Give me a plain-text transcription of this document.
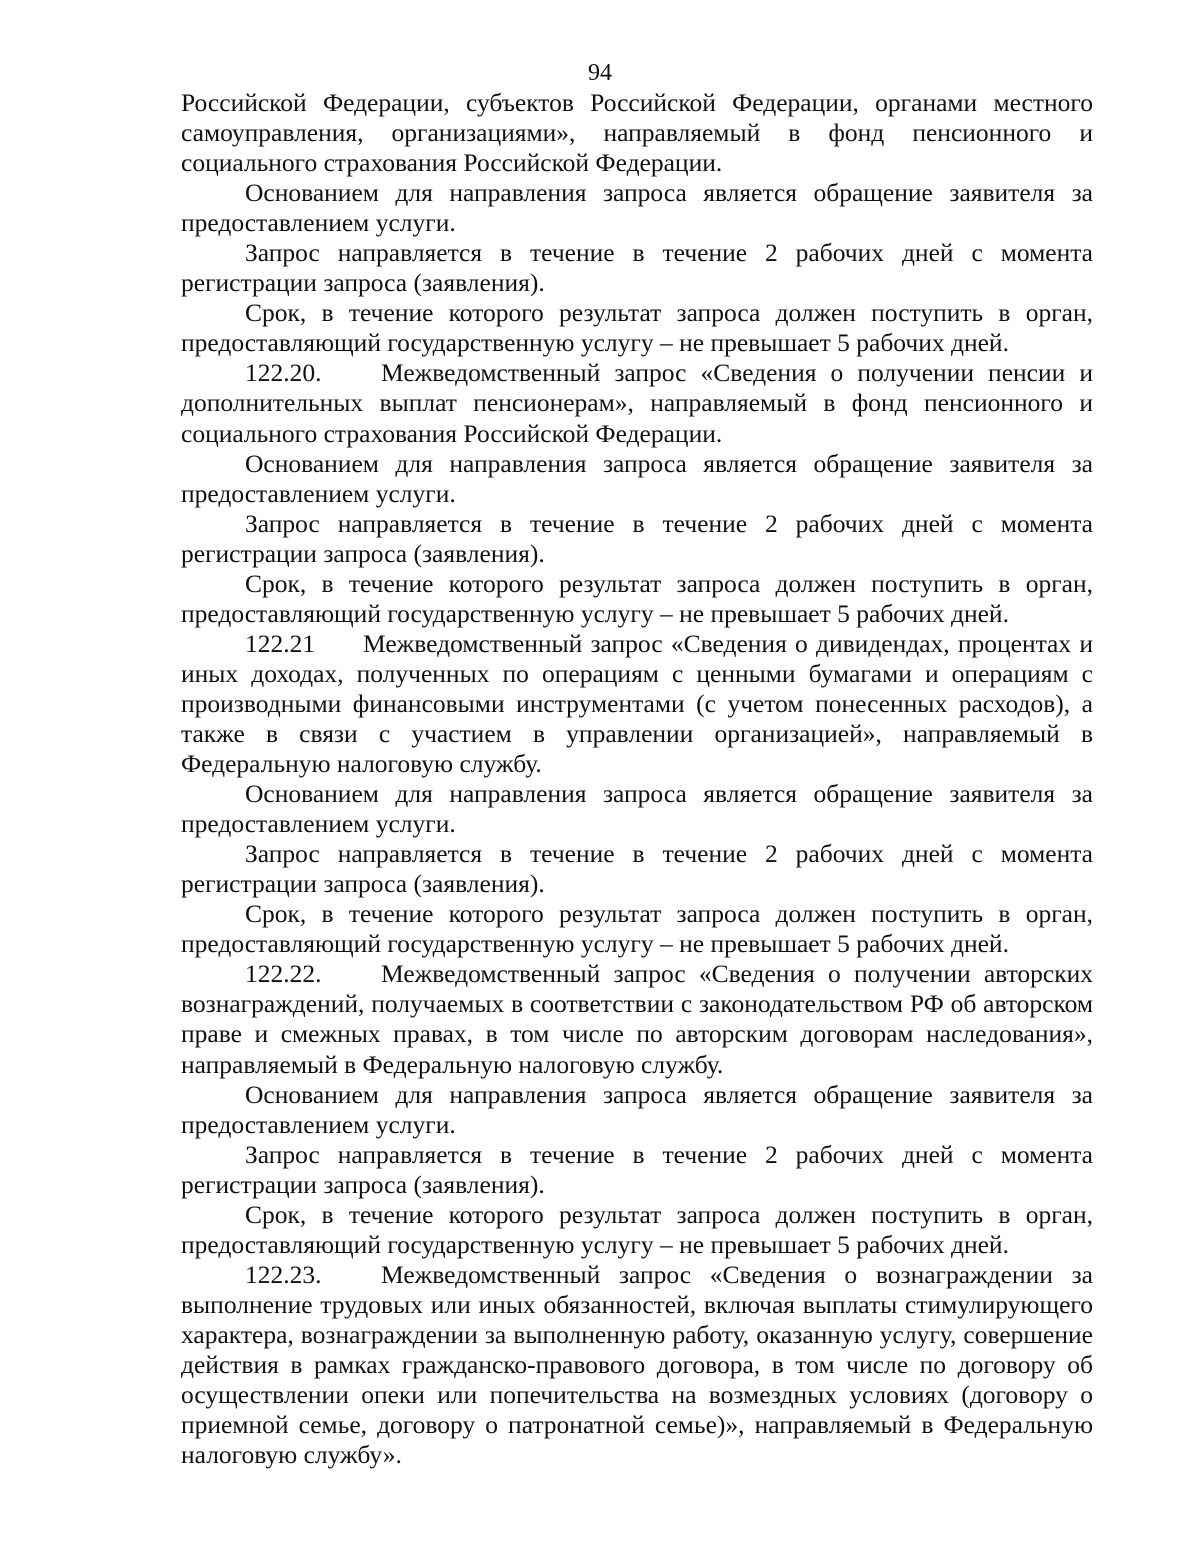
94

Российской Федерации, субъектов Российской Федерации, органами местного самоуправления, организациями», направляемый в фонд пенсионного и социального страхования Российской Федерации.

Основанием для направления запроса является обращение заявителя за предоставлением услуги.

Запрос направляется в течение в течение 2 рабочих дней с момента регистрации запроса (заявления).

Срок, в течение которого результат запроса должен поступить в орган, предоставляющий государственную услугу – не превышает 5 рабочих дней.

122.20. Межведомственный запрос «Сведения о получении пенсии и дополнительных выплат пенсионерам», направляемый в фонд пенсионного и социального страхования Российской Федерации.

Основанием для направления запроса является обращение заявителя за предоставлением услуги.

Запрос направляется в течение в течение 2 рабочих дней с момента регистрации запроса (заявления).

Срок, в течение которого результат запроса должен поступить в орган, предоставляющий государственную услугу – не превышает 5 рабочих дней.

122.21 Межведомственный запрос «Сведения о дивидендах, процентах и иных доходах, полученных по операциям с ценными бумагами и операциям с производными финансовыми инструментами (с учетом понесенных расходов), а также в связи с участием в управлении организацией», направляемый в Федеральную налоговую службу.

Основанием для направления запроса является обращение заявителя за предоставлением услуги.

Запрос направляется в течение в течение 2 рабочих дней с момента регистрации запроса (заявления).

Срок, в течение которого результат запроса должен поступить в орган, предоставляющий государственную услугу – не превышает 5 рабочих дней.

122.22. Межведомственный запрос «Сведения о получении авторских вознаграждений, получаемых в соответствии с законодательством РФ об авторском праве и смежных правах, в том числе по авторским договорам наследования», направляемый в Федеральную налоговую службу.

Основанием для направления запроса является обращение заявителя за предоставлением услуги.

Запрос направляется в течение в течение 2 рабочих дней с момента регистрации запроса (заявления).

Срок, в течение которого результат запроса должен поступить в орган, предоставляющий государственную услугу – не превышает 5 рабочих дней.

122.23. Межведомственный запрос «Сведения о вознаграждении за выполнение трудовых или иных обязанностей, включая выплаты стимулирующего характера, вознаграждении за выполненную работу, оказанную услугу, совершение действия в рамках гражданско-правового договора, в том числе по договору об осуществлении опеки или попечительства на возмездных условиях (договору о приемной семье, договору о патронатной семье)», направляемый в Федеральную налоговую службу».
